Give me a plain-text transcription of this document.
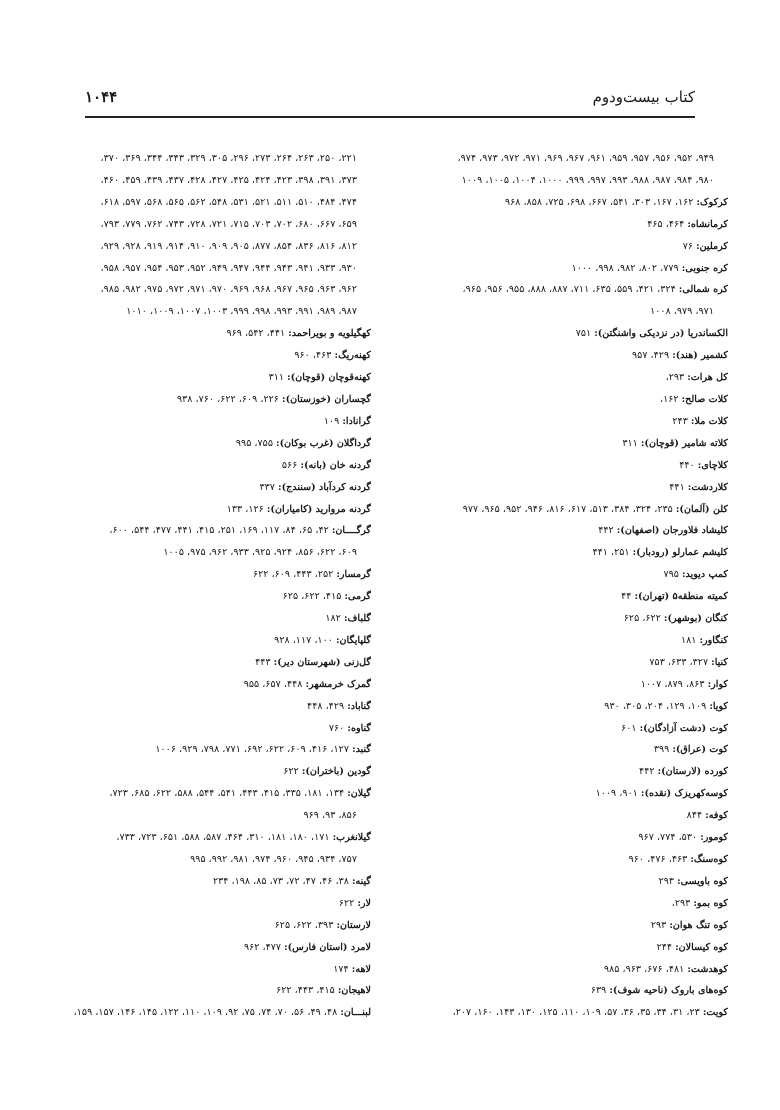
کتاب بیست‌ودوم
۱۰۴۴
۹۴۹، ۹۵۲، ۹۵۶، ۹۵۷، ۹۵۹، ۹۶۱، ۹۶۷، ۹۶۹، ۹۷۱، ۹۷۲، ۹۷۳، ۹۷۴،
۹۸۰، ۹۸۴، ۹۸۷، ۹۸۸، ۹۹۳، ۹۹۷، ۹۹۹، ۱۰۰۰، ۱۰۰۴، ۱۰۰۵، ۱۰۰۹
کرکوک: ۱۶۲، ۱۶۷، ۳۰۳، ۵۴۱، ۶۶۷، ۶۹۸، ۷۲۵، ۸۵۸، ۹۶۸
کرمانشاه: ۴۶۴، ۴۶۵
کرملین: ۷۶
کره جنوبی: ۷۷۹، ۸۰۲، ۹۸۲، ۹۹۸، ۱۰۰۰
کره شمالی: ۳۲۴، ۴۲۱، ۵۵۹، ۶۳۵، ۷۱۱، ۸۸۷، ۸۸۸، ۹۵۵، ۹۵۶، ۹۶۵،
۹۷۱، ۹۷۹، ۱۰۰۸
الکساندریا (در نزدیکی واشنگتن): ۷۵۱
کشمیر (هند): ۴۲۹، ۹۵۷
کل هرات: ۲۹۳،
کلات صالح: ۱۶۲،
کلات ملا: ۲۴۳
کلاته شامیر (قوچان): ۳۱۱
کلاچای: ۴۴۰
کلاردشت: ۴۴۱
کلن (آلمان): ۲۳۵، ۳۲۴، ۳۸۴، ۵۱۳، ۶۱۷، ۸۱۶، ۹۴۶، ۹۵۲، ۹۶۵، ۹۷۷
کلیشاد فلاورجان (اصفهان): ۴۴۲
کلیشم عمارلو (رودبار): ۲۵۱، ۴۴۱
کمپ دیوید: ۷۹۵
کمیته منطقه۵ (تهران): ۴۴
کنگان (بوشهر): ۶۲۲، ۶۲۵
کنگاور: ۱۸۱
کنیا: ۳۲۷، ۶۳۳، ۷۵۳
کوار: ۸۶۳، ۸۷۹، ۱۰۰۷
کویا: ۱۰۹، ۱۲۹، ۲۰۴، ۳۰۵، ۹۳۰
کوت (دشت آزادگان): ۶۰۱
کوت (عراق): ۳۹۹
کورده (لارستان): ۴۴۲
کوسه‌کهریزک (نقده): ۹۰۱، ۱۰۰۹
کوفه: ۸۴۴
کومور: ۵۳۰، ۷۷۴، ۹۶۷
کوه‌سنگ: ۴۶۳، ۴۷۶، ۹۶۰
کوه باویسی: ۲۹۳
کوه بمو: ۲۹۳،
کوه تنگ هوان: ۲۹۳
کوه کیسالان: ۲۴۴
کوهدشت: ۴۸۱، ۶۷۶، ۹۶۳، ۹۸۵
کوه‌های باروک (ناحیه شوف): ۶۳۹
کویت: ۲۳، ۳۱، ۳۴، ۳۵، ۳۶، ۵۷، ۱۰۹، ۱۱۰، ۱۲۵، ۱۳۰، ۱۴۳، ۱۶۰، ۲۰۷،
۲۲۱، ۲۵۰، ۲۶۳، ۲۶۴، ۲۷۳، ۲۹۶، ۳۰۵، ۳۲۹، ۳۴۳، ۳۴۴، ۳۶۹، ۳۷۰،
۳۷۳، ۳۹۱، ۳۹۸، ۴۲۳، ۴۲۴، ۴۲۵، ۴۲۷، ۴۲۸، ۴۳۷، ۴۳۹، ۴۵۹، ۴۶۰،
۴۷۴، ۴۸۴، ۵۱۰، ۵۱۱، ۵۲۱، ۵۳۱، ۵۴۸، ۵۶۲، ۵۶۵، ۵۶۸، ۵۹۷، ۶۱۸،
۶۵۹، ۶۶۷، ۶۸۰، ۷۰۲، ۷۰۳، ۷۱۵، ۷۲۱، ۷۲۸، ۷۴۳، ۷۶۲، ۷۷۹، ۷۹۳،
۸۱۲، ۸۱۶، ۸۳۶، ۸۵۴، ۸۷۷، ۹۰۵، ۹۰۹، ۹۱۰، ۹۱۴، ۹۱۹، ۹۲۸، ۹۲۹،
۹۳۰، ۹۳۳، ۹۴۱، ۹۴۳، ۹۴۴، ۹۴۷، ۹۴۹، ۹۵۲، ۹۵۳، ۹۵۴، ۹۵۷، ۹۵۸،
۹۶۲، ۹۶۳، ۹۶۵، ۹۶۷، ۹۶۸، ۹۶۹، ۹۷۰، ۹۷۱، ۹۷۲، ۹۷۵، ۹۸۲، ۹۸۵،
۹۸۷، ۹۸۹، ۹۹۱، ۹۹۳، ۹۹۸، ۹۹۹، ۱۰۰۳، ۱۰۰۷، ۱۰۰۹، ۱۰۱۰
کهگیلویه و بویراحمد: ۴۴۱، ۵۴۲، ۹۶۹
کهنه‌ریگ: ۴۶۳، ۹۶۰
کهنه‌قوچان (قوچان): ۳۱۱
گچساران (خوزستان): ۲۲۶، ۶۰۹، ۶۲۲، ۷۶۰، ۹۳۸
گرانادا: ۱۰۹
گرداگلان (غرب بوکان): ۷۵۵، ۹۹۵
گردنه خان (بانه): ۵۶۶
گردنه کردآباد (سنندج): ۳۳۷
گردنه مروارید (کامیاران): ۱۲۶، ۱۳۳
گرگــــان: ۴۲، ۶۵، ۸۴، ۱۱۷، ۱۶۹، ۲۵۱، ۴۱۵، ۴۴۱، ۴۷۷، ۵۴۴، ۶۰۰،
۶۰۹، ۶۲۲، ۸۵۶، ۹۲۴، ۹۲۵، ۹۳۳، ۹۶۲، ۹۷۵، ۱۰۰۵
گرمسار: ۲۵۲، ۴۴۳، ۶۰۹، ۶۲۲
گرمی: ۴۱۵، ۶۲۲، ۶۲۵
گلباف: ۱۸۲
گلپایگان: ۱۰۰، ۱۱۷، ۹۲۸
گل‌زنی (شهرستان دیر): ۴۴۳
گمرک خرمشهر: ۴۴۸، ۶۵۷، ۹۵۵
گناباد: ۴۲۹، ۴۴۸
گناوه: ۷۶۰
گنبد: ۱۲۷، ۴۱۶، ۶۰۹، ۶۲۲، ۶۹۲، ۷۷۱، ۷۹۸، ۹۲۹، ۱۰۰۶
گودین (باختران): ۶۲۲
گیلان: ۱۳۴، ۱۸۱، ۳۳۵، ۴۱۵، ۴۴۳، ۵۴۱، ۵۴۴، ۵۸۸، ۶۲۲، ۶۸۵، ۷۲۳،
۸۵۶، ۹۳، ۹۶۹
گیلانغرب: ۱۷۱، ۱۸۰، ۱۸۱، ۳۱۰، ۴۶۴، ۵۸۷، ۵۸۸، ۶۵۱، ۷۲۳، ۷۳۳،
۷۵۷، ۹۳۴، ۹۴۵، ۹۶۰، ۹۷۴، ۹۸۱، ۹۹۲، ۹۹۵
گینه: ۳۸، ۴۶، ۴۷، ۷۲، ۷۳، ۸۵، ۱۹۸، ۲۳۴
لار: ۶۲۲
لارستان: ۳۹۳، ۶۲۲، ۶۲۵
لامرد (استان فارس): ۴۷۷، ۹۶۲
لاهه: ۱۷۴
لاهیجان: ۴۱۵، ۴۴۳، ۶۲۲
لبنـــان: ۴۸، ۴۹، ۵۶، ۷۰، ۷۴، ۷۵، ۹۲، ۱۰۹، ۱۱۰، ۱۲۲، ۱۴۵، ۱۴۶، ۱۵۷، ۱۵۹،
